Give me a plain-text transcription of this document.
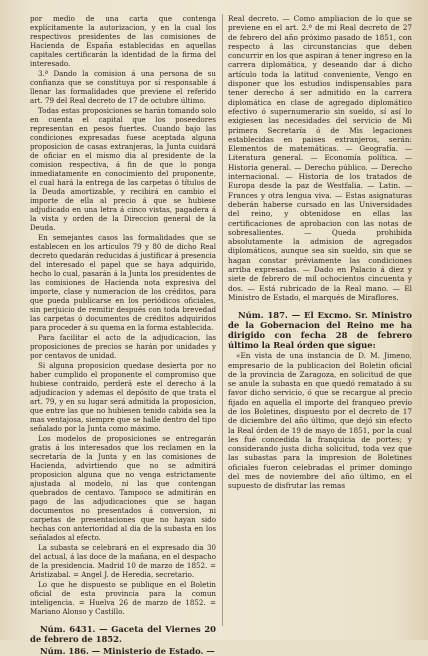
por medio de una carta que contenga explícitamente la autorizacion, y en la cual los respectivos presidentes de las comisiones de Hacienda de España establecidas en aquellas capitales certificarán la identidad de la firma del interesado.

3.ª Dando la comision á una persona de su confianza que se constituya por sí responsable á llenar las formalidades que previene el referido art. 79 del Real decreto de 17 de octubre último.

Todas estas proposiciones se harán tomando solo en cuenta el capital que los poseedores representan en pesos fuertes. Cuando bajo las condiciones expresadas fuese aceptada alguna proposicion de casas extranjeras, la Junta cuidará de oficiar en el mismo dia al presidente de la comision respectiva, á fin de que lo ponga inmediatamente en conocimiento del proponente, el cual hará la entrega de las carpetas ó títulos de la Deuda amortizable, y recibirá en cambio el importe de ella al precio á que se hubiese adjudicado en una letra á cinco vistas, pagadera á la vista y orden de la Direccion general de la Deuda.

En semejantes casos las formalidades que se establecen en los artículos 79 y 80 de dicho Real decreto quedarán reducidas á justificar á presencia del interesado el papel que se haya adquirido, hecho lo cual, pasarán á la Junta los presidentes de las comisiones de Hacienda nota expresiva del importe, clase y numeracion de los créditos, para que pueda publicarse en los periódicos oficiales, sin perjuicio de remitir después con toda brevedad las carpetas ó documentos de créditos adquiridos para proceder á su quema en la forma establecida.

Para facilitar el acto de la adjudicacion, las proposiciones de precios se harán por unidades y por centavos de unidad.

Si alguna proposicion quedase desierta por no haber cumplido el proponente el compromiso que hubiese contraido, perderá este el derecho á la adjudicacion y ademas el depósito de que trata el art. 79, y en su lugar será admitida la proposicion, que entre las que no hubiesen tenido cabida sea la mas ventajosa, siempre que se halle dentro del tipo señalado por la Junta como máximo.

Los modelos de proposiciones se entregarán gratis á los interesados que los reclamen en la secretaría de la Junta y en las comisiones de Hacienda, advirtiendo que no se admitirá proposicion alguna que no venga estrictamente ajustada al modelo, ni las que contengan quebrados de centavo. Tampoco se admitirán en pago de las adjudicaciones que se hagan documentos no presentados á conversion, ni carpetas de presentaciones que no hayan sido hechas con anterioridad al dia de la subasta en los señalados al efecto.

La subasta se celebrará en el expresado dia 30 del actual, á las doce de la mañana, en el despacho de la presidencia. Madrid 10 de marzo de 1852. = Aristizabal. = Angel J. de Heredia, secretario.

Lo que he dispuesto se publique en el Boletin oficial de esta provincia para la comun inteligencia. = Huelva 26 de marzo de 1852. = Mariano Alonso y Castillo.

Núm. 6431. — Gaceta del Viernes 20 de febrero de 1852.
Núm. 186. — Ministerio de Estado. —

Real decreto. — Como ampliacion de lo que se previene en el art. 2.º de mi Real decreto de 27 de febrero del año próximo pasado de 1851, con respecto á las circunstancias que deben concurrir en los que aspiran á tener ingreso en la carrera diplomática, y deseando dar á dicho artículo toda la latitud conveniente, Vengo en disponer que los estudios indispensables para tener derecho á ser admitido en la carrera diplomática en clase de agregado diplomático efectivo ó supernumerario sin sueldo, sí así lo exigiesen las necesidades del servicio de Mi primera Secretaría ó de Mis legaciones establecidas en paises extranjeros, serán: Elementos de matemáticas. — Geografía. — Literatura general. — Economía política. — Historia general. — Derecho público. — Derecho internacional. — Historia de los tratados de Europa desde la paz de Westfalia. — Latin. — Frances y otra lengua viva. — Estas asignaturas deberán haberse cursado en las Universidades del reino, y obtenídose en ellas las certificaciones de aprobacion con las notas de sobresalientes. — Queda prohibida absolutamente la admision de agregados diplomáticos, aunque sea sin sueldo, sin que se hagan constar préviamente las condiciones arriba expresadas. — Dado en Palacio á diez y siete de febrero de mil ochocientos cincuenta y dos. — Está rubricado de la Real mano. — El Ministro de Estado, el marqués de Miraflores.

Núm. 187. — El Excmo. Sr. Ministro de la Gobernacion del Reino me ha dirigido con fecha 28 de febrero último la Real órden que sigue:

«En vista de una instancia de D. M. Jimeno, empresario de la publicacion del Boletin oficial de la provincia de Zaragoza, en solicitud de que se anule la subasta en que quedó rematado á su favor dicho servicio, ó que se recargue al precio fijado en aquella el importe del franqueo previo de los Boletines, dispuesto por el decreto de 17 de diciembre del año último, que dejó sin efecto la Real órden de 19 de mayo de 1851, por la cual les fué concedida la franquicia de portes; y considerando justa dicha solicitud, toda vez que las subastas para la impresion de Boletines oficiales fueron celebradas el primer domingo del mes de noviembre del año último, en el supuesto de disfrutar las remas
